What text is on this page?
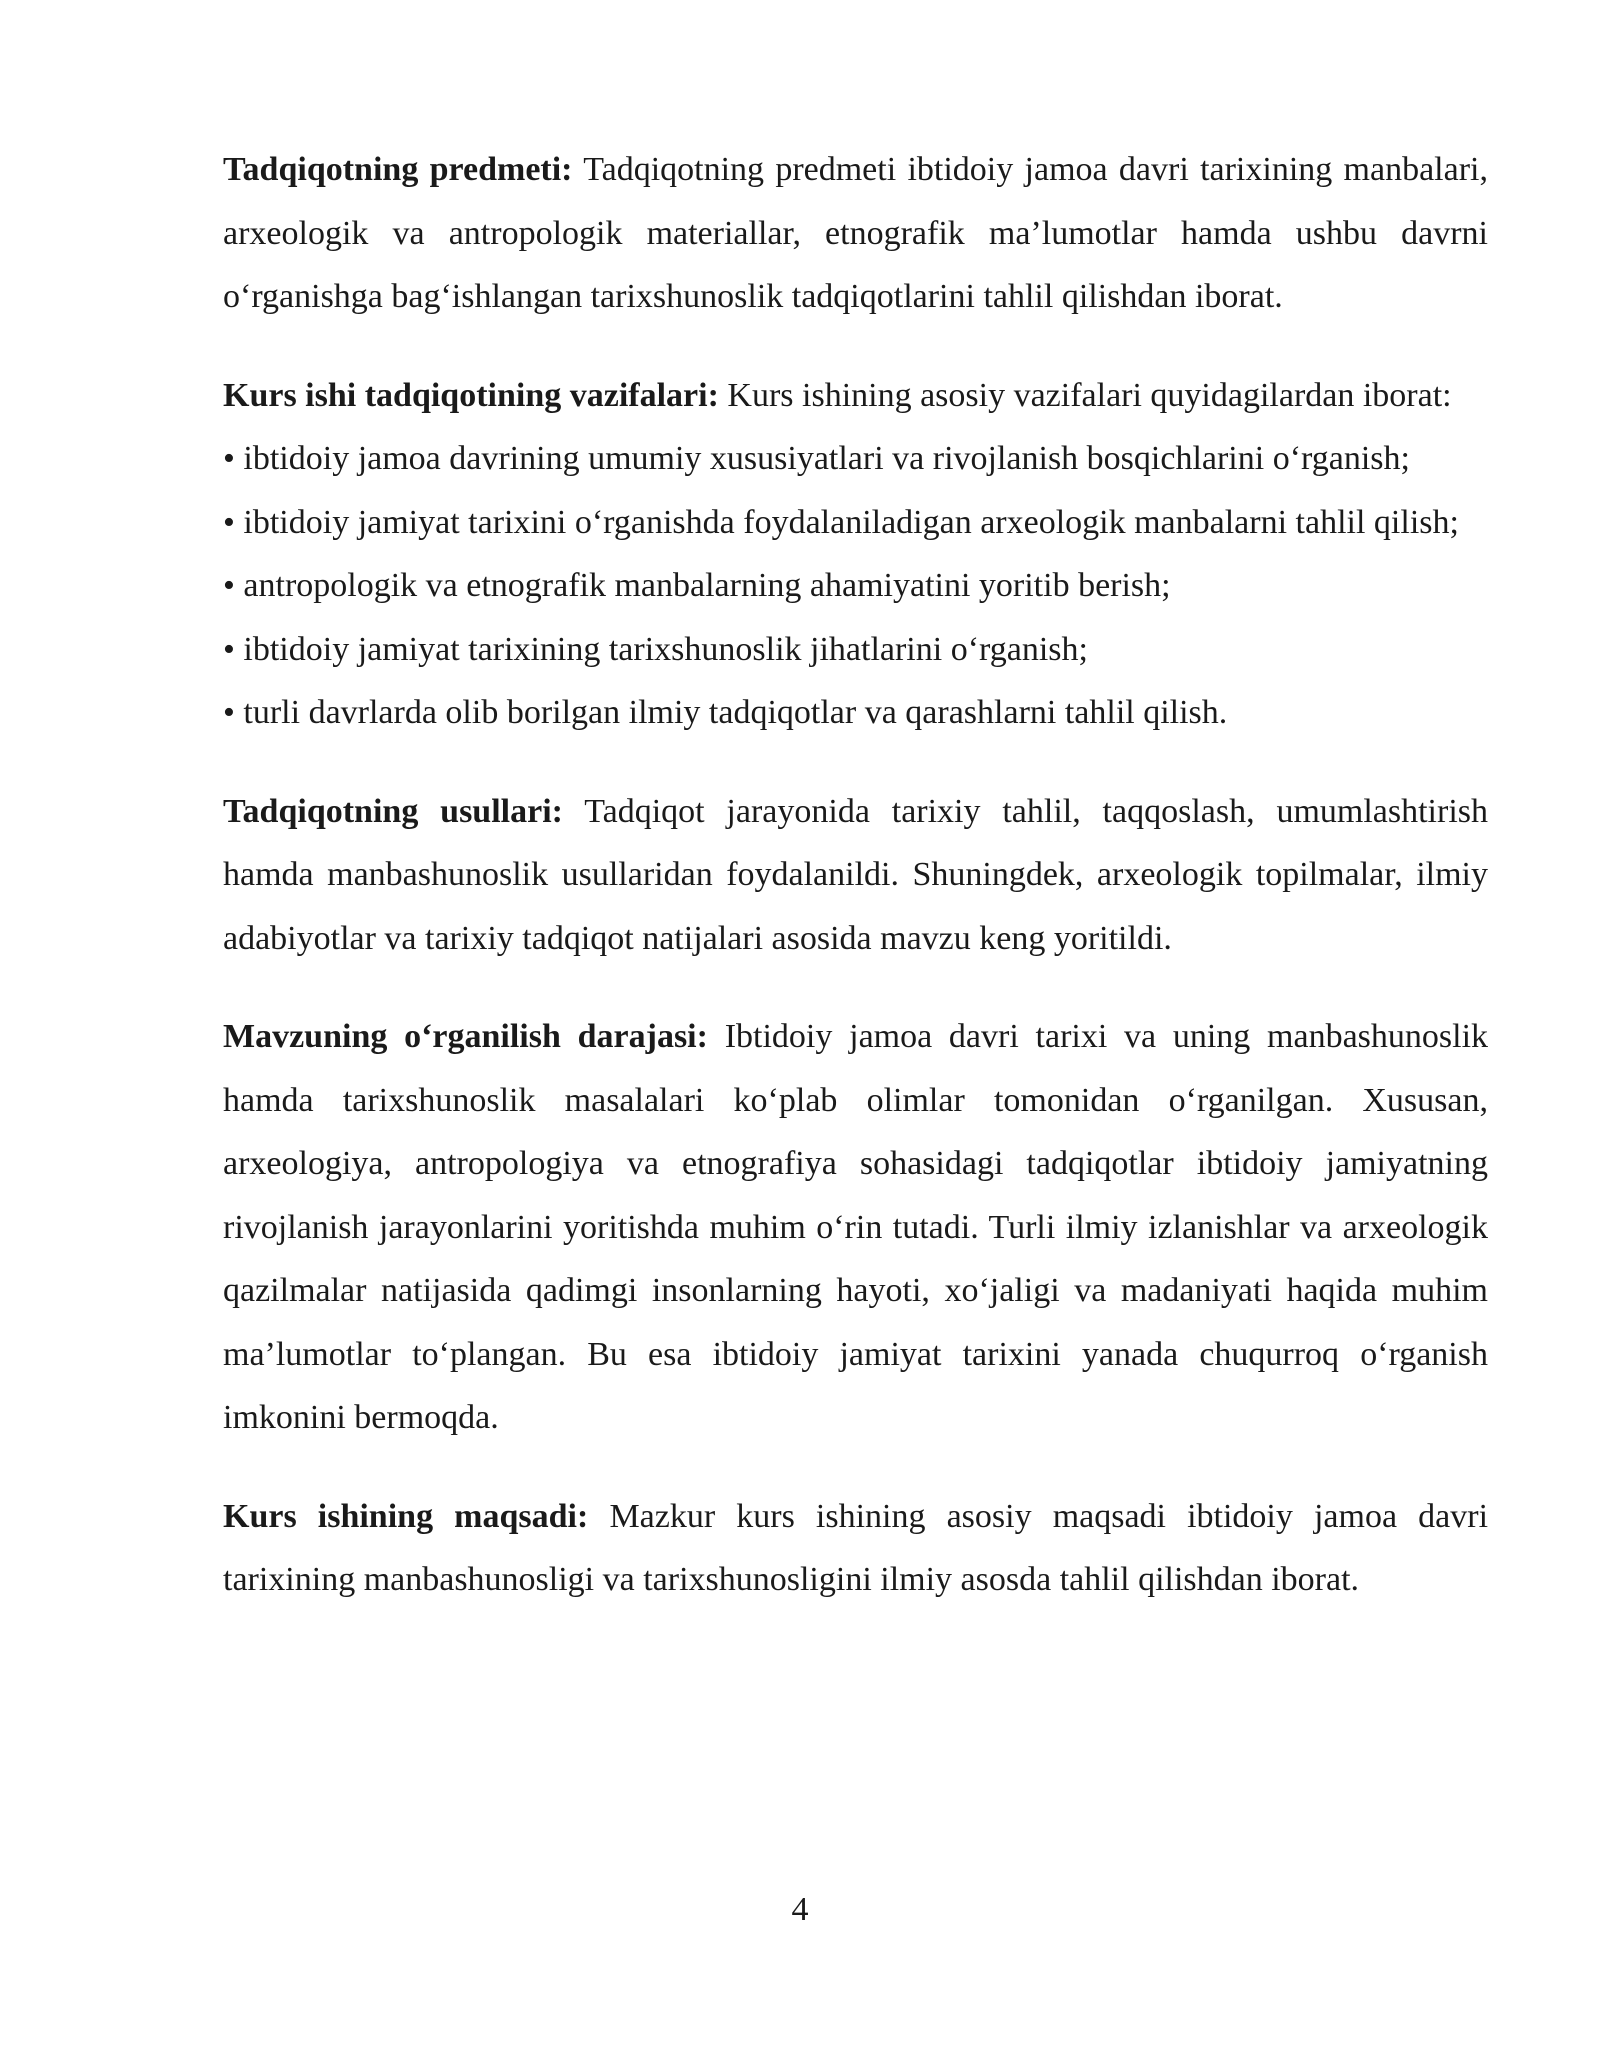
Tadqiqotning predmeti: Tadqiqotning predmeti ibtidoiy jamoa davri tarixining manbalari, arxeologik va antropologik materiallar, etnografik ma’lumotlar hamda ushbu davrni o‘rganishga bag‘ishlangan tarixshunoslik tadqiqotlarini tahlil qilishdan iborat.

Kurs ishi tadqiqotining vazifalari: Kurs ishining asosiy vazifalari quyidagilardan iborat:

• ibtidoiy jamoa davrining umumiy xususiyatlari va rivojlanish bosqichlarini o‘rganish;
• ibtidoiy jamiyat tarixini o‘rganishda foydalaniladigan arxeologik manbalarni tahlil qilish;
• antropologik va etnografik manbalarning ahamiyatini yoritib berish;
• ibtidoiy jamiyat tarixining tarixshunoslik jihatlarini o‘rganish;
• turli davrlarda olib borilgan ilmiy tadqiqotlar va qarashlarni tahlil qilish.

Tadqiqotning usullari: Tadqiqot jarayonida tarixiy tahlil, taqqoslash, umumlashtirish hamda manbashunoslik usullaridan foydalanildi. Shuningdek, arxeologik topilmalar, ilmiy adabiyotlar va tarixiy tadqiqot natijalari asosida mavzu keng yoritildi.

Mavzuning o‘rganilish darajasi: Ibtidoiy jamoa davri tarixi va uning manbashunoslik hamda tarixshunoslik masalalari ko‘plab olimlar tomonidan o‘rganilgan. Xususan, arxeologiya, antropologiya va etnografiya sohasidagi tadqiqotlar ibtidoiy jamiyatning rivojlanish jarayonlarini yoritishda muhim o‘rin tutadi. Turli ilmiy izlanishlar va arxeologik qazilmalar natijasida qadimgi insonlarning hayoti, xo‘jaligi va madaniyati haqida muhim ma’lumotlar to‘plangan. Bu esa ibtidoiy jamiyat tarixini yanada chuqurroq o‘rganish imkonini bermoqda.

Kurs ishining maqsadi: Mazkur kurs ishining asosiy maqsadi ibtidoiy jamoa davri tarixining manbashunosligi va tarixshunosligini ilmiy asosda tahlil qilishdan iborat.

4
